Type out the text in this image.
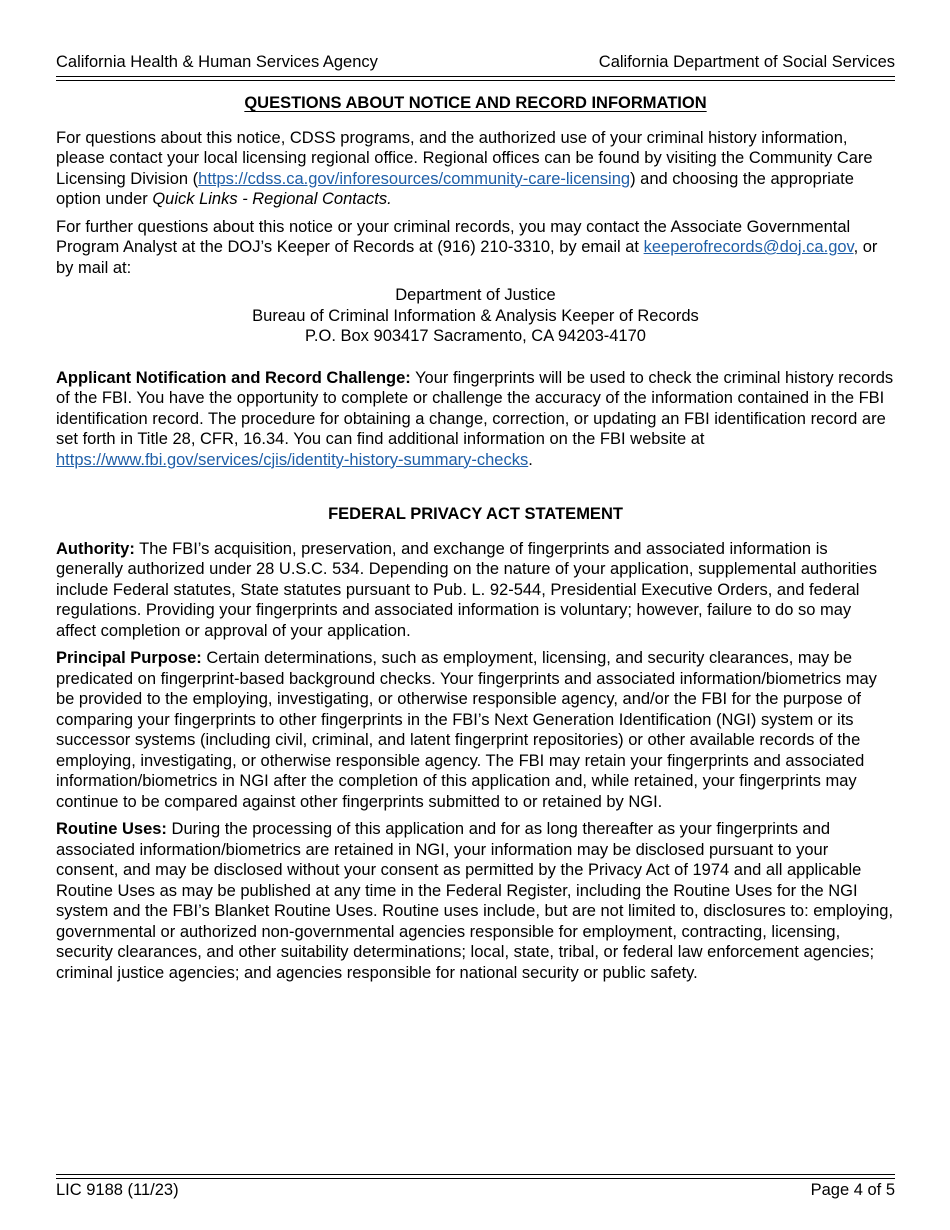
California Health & Human Services Agency	California Department of Social Services
QUESTIONS ABOUT NOTICE AND RECORD INFORMATION

For questions about this notice, CDSS programs, and the authorized use of your criminal history information, please contact your local licensing regional office. Regional offices can be found by visiting the Community Care Licensing Division (https://cdss.ca.gov/inforesources/community-care-licensing) and choosing the appropriate option under Quick Links - Regional Contacts.

For further questions about this notice or your criminal records, you may contact the Associate Governmental Program Analyst at the DOJ’s Keeper of Records at (916) 210-3310, by email at keeperofrecords@doj.ca.gov, or by mail at:

Department of Justice
Bureau of Criminal Information & Analysis Keeper of Records
P.O. Box 903417 Sacramento, CA 94203-4170

Applicant Notification and Record Challenge: Your fingerprints will be used to check the criminal history records of the FBI. You have the opportunity to complete or challenge the accuracy of the information contained in the FBI identification record. The procedure for obtaining a change, correction, or updating an FBI identification record are set forth in Title 28, CFR, 16.34. You can find additional information on the FBI website at https://www.fbi.gov/services/cjis/identity-history-summary-checks.

FEDERAL PRIVACY ACT STATEMENT

Authority: The FBI’s acquisition, preservation, and exchange of fingerprints and associated information is generally authorized under 28 U.S.C. 534. Depending on the nature of your application, supplemental authorities include Federal statutes, State statutes pursuant to Pub. L. 92-544, Presidential Executive Orders, and federal regulations. Providing your fingerprints and associated information is voluntary; however, failure to do so may affect completion or approval of your application.

Principal Purpose: Certain determinations, such as employment, licensing, and security clearances, may be predicated on fingerprint-based background checks. Your fingerprints and associated information/biometrics may be provided to the employing, investigating, or otherwise responsible agency, and/or the FBI for the purpose of comparing your fingerprints to other fingerprints in the FBI’s Next Generation Identification (NGI) system or its successor systems (including civil, criminal, and latent fingerprint repositories) or other available records of the employing, investigating, or otherwise responsible agency. The FBI may retain your fingerprints and associated information/biometrics in NGI after the completion of this application and, while retained, your fingerprints may continue to be compared against other fingerprints submitted to or retained by NGI.

Routine Uses: During the processing of this application and for as long thereafter as your fingerprints and associated information/biometrics are retained in NGI, your information may be disclosed pursuant to your consent, and may be disclosed without your consent as permitted by the Privacy Act of 1974 and all applicable Routine Uses as may be published at any time in the Federal Register, including the Routine Uses for the NGI system and the FBI’s Blanket Routine Uses. Routine uses include, but are not limited to, disclosures to: employing, governmental or authorized non-governmental agencies responsible for employment, contracting, licensing, security clearances, and other suitability determinations; local, state, tribal, or federal law enforcement agencies; criminal justice agencies; and agencies responsible for national security or public safety.

LIC 9188 (11/23)	Page 4 of 5
